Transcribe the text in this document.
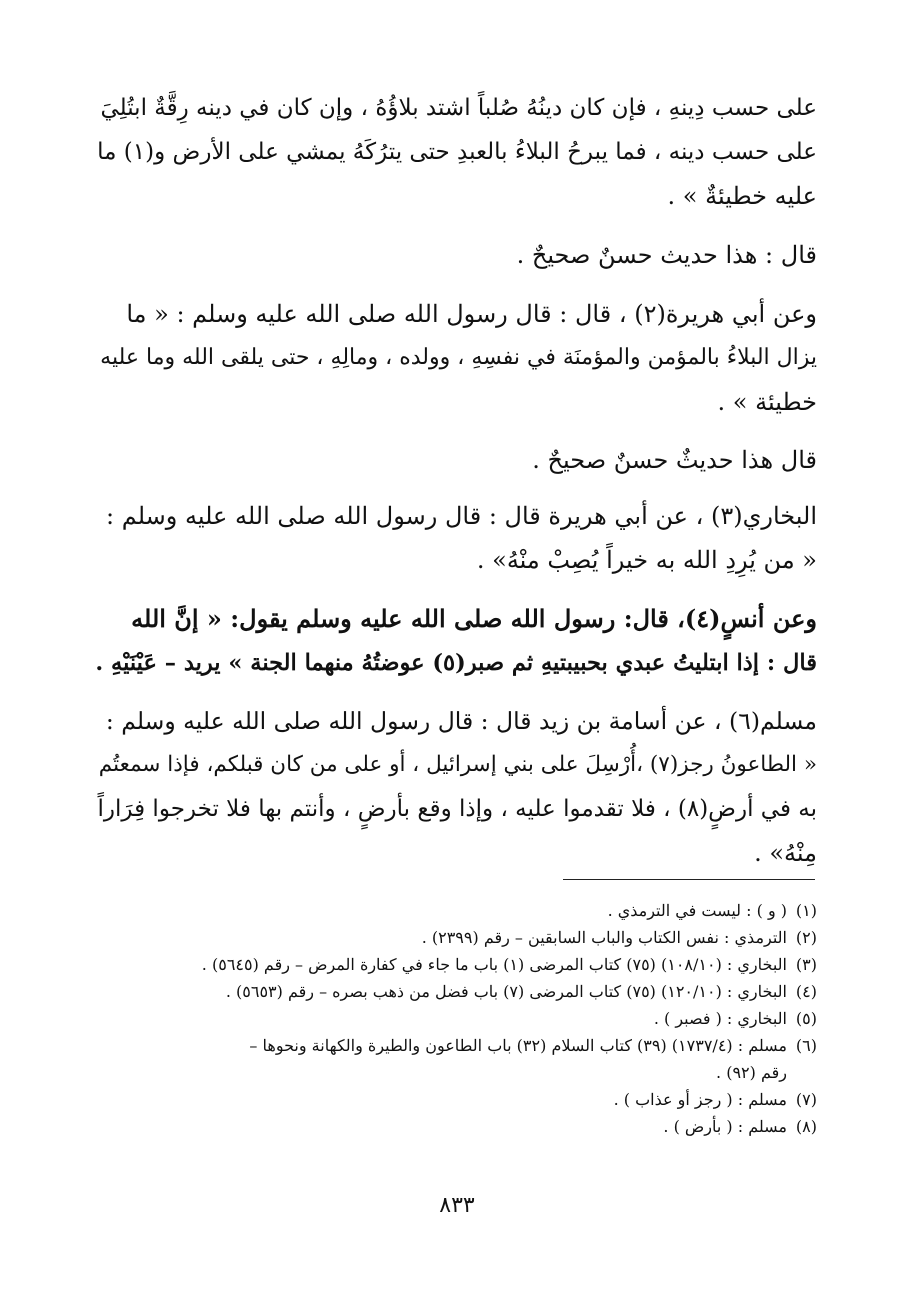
على حسب دِينهِ ، فإن كان دينُهُ صُلباً اشتد بلاؤُهُ ، وإن كان في دينه رِقَّةٌ ابتُلِيَ
على حسب دينه ، فما يبرحُ البلاءُ بالعبدِ حتى يترُكَهُ يمشي على الأرض و(١) ما
عليه خطيئةٌ » .
قال : هذا حديث حسنٌ صحيحٌ .
وعن أبي هريرة(٢) ، قال : قال رسول الله صلى الله عليه وسلم : « ما
يزال البلاءُ بالمؤمن والمؤمنَة في نفسِهِ ، وولده ، ومالِهِ ، حتى يلقى الله وما عليه
خطيئة » .
قال هذا حديثٌ حسنٌ صحيحٌ .
البخاري(٣) ، عن أبي هريرة قال : قال رسول الله صلى الله عليه وسلم :
« من يُرِدِ الله به خيراً يُصِبْ منْهُ» .
وعن أنسٍ(٤)، قال: رسول الله صلى الله عليه وسلم يقول: « إنَّ الله
قال : إذا ابتليتُ عبدي بحبيبتيهِ ثم صبر(٥) عوضتُهُ منهما الجنة » يريد – عَيْنَيْهِ .
مسلم(٦) ، عن أسامة بن زيد قال : قال رسول الله صلى الله عليه وسلم :
« الطاعونُ رجز(٧) ،أُرْسِلَ على بني إسرائيل ، أو على من كان قبلكم، فإذا سمعتُم
به في أرضٍ(٨) ، فلا تقدموا عليه ، وإذا وقع بأرضٍ ، وأنتم بها فلا تخرجوا فِرَاراً
مِنْهُ» .
(١)( و ) : ليست في الترمذي .
(٢)الترمذي : نفس الكتاب والباب السابقين – رقم (٢٣٩٩) .
(٣)البخاري : (١٠٨/١٠) (٧٥) كتاب المرضى (١) باب ما جاء في كفارة المرض – رقم (٥٦٤٥) .
(٤)البخاري : (١٢٠/١٠) (٧٥) كتاب المرضى (٧) باب فضل من ذهب بصره – رقم (٥٦٥٣) .
(٥)البخاري : ( فصبر ) .
(٦)مسلم : (١٧٣٧/٤) (٣٩) كتاب السلام (٣٢) باب الطاعون والطيرة والكهانة ونحوها –
رقم (٩٢) .
(٧)مسلم : ( رجز أو عذاب ) .
(٨)مسلم : ( بأرض ) .
٨٣٣
